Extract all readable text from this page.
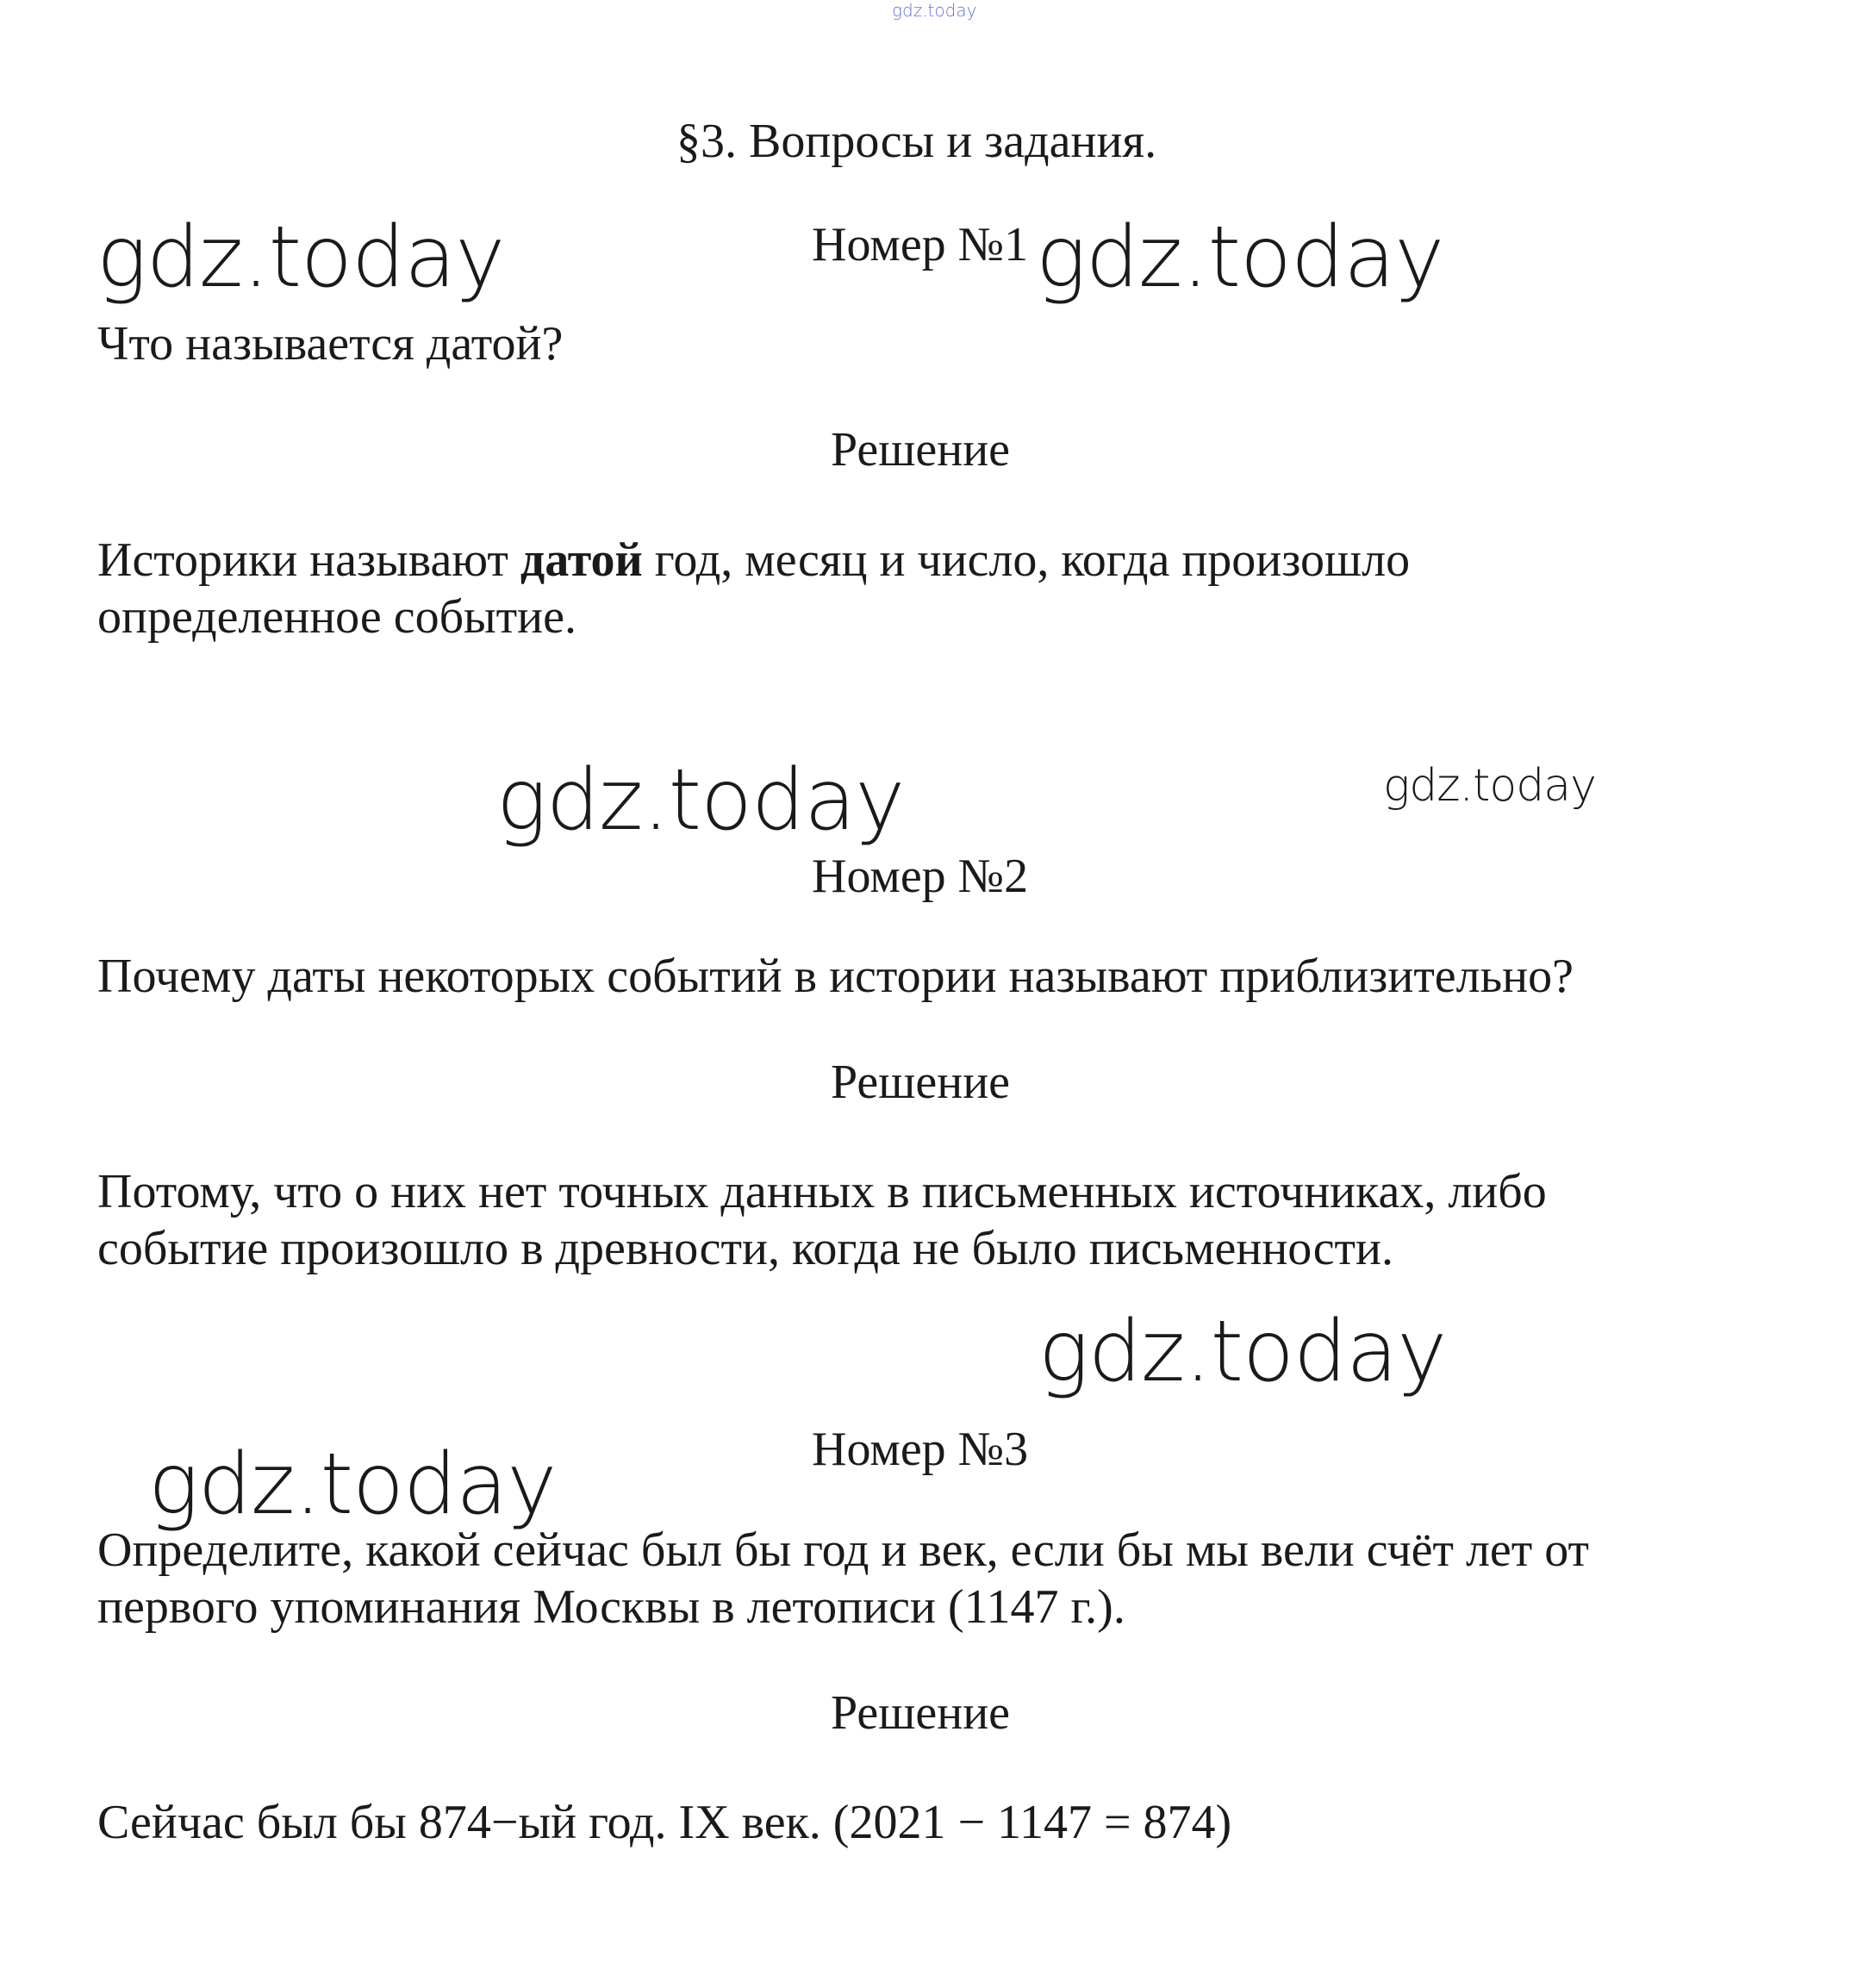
gdz.today
§3. Вопросы и задания.
gdz.today	Номер №1 gdz.today
Что называется датой?
Решение
Историки называют датой год, месяц и число, когда произошло
определенное событие.
gdz.today	gdz.today
Номер №2
Почему даты некоторых событий в истории называют приблизительно?
Решение
Потому, что о них нет точных данных в письменных источниках, либо
событие произошло в древности, когда не было письменности.
gdz.today
Номер №3
gdz.today
Определите, какой сейчас был бы год и век, если бы мы вели счёт лет от
первого упоминания Москвы в летописи (1147 г.).
Решение
Сейчас был бы 874−ый год. IX век. (2021 − 1147 = 874)
